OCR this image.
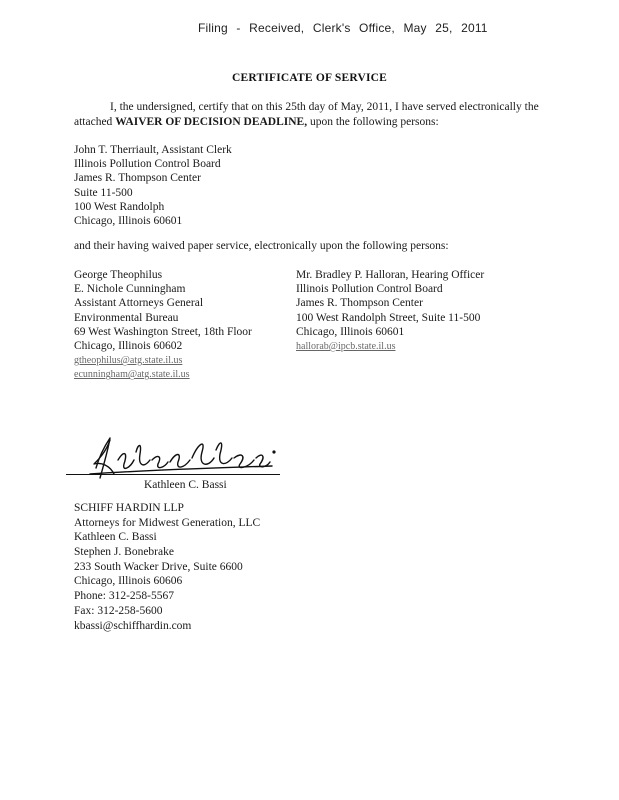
Filing - Received, Clerk's Office, May 25, 2011
CERTIFICATE OF SERVICE
I, the undersigned, certify that on this 25th day of May, 2011, I have served electronically the attached WAIVER OF DECISION DEADLINE, upon the following persons:
John T. Therriault, Assistant Clerk
Illinois Pollution Control Board
James R. Thompson Center
Suite 11-500
100 West Randolph
Chicago, Illinois 60601
and their having waived paper service, electronically upon the following persons:
George Theophilus
E. Nichole Cunningham
Assistant Attorneys General
Environmental Bureau
69 West Washington Street, 18th Floor
Chicago, Illinois 60602
gtheophilus@atg.state.il.us
ecunningham@atg.state.il.us
Mr. Bradley P. Halloran, Hearing Officer
Illinois Pollution Control Board
James R. Thompson Center
100 West Randolph Street, Suite 11-500
Chicago, Illinois 60601
hallorab@ipcb.state.il.us
Kathleen C. Bassi
SCHIFF HARDIN LLP
Attorneys for Midwest Generation, LLC
Kathleen C. Bassi
Stephen J. Bonebrake
233 South Wacker Drive, Suite 6600
Chicago, Illinois 60606
Phone: 312-258-5567
Fax: 312-258-5600
kbassi@schiffhardin.com
